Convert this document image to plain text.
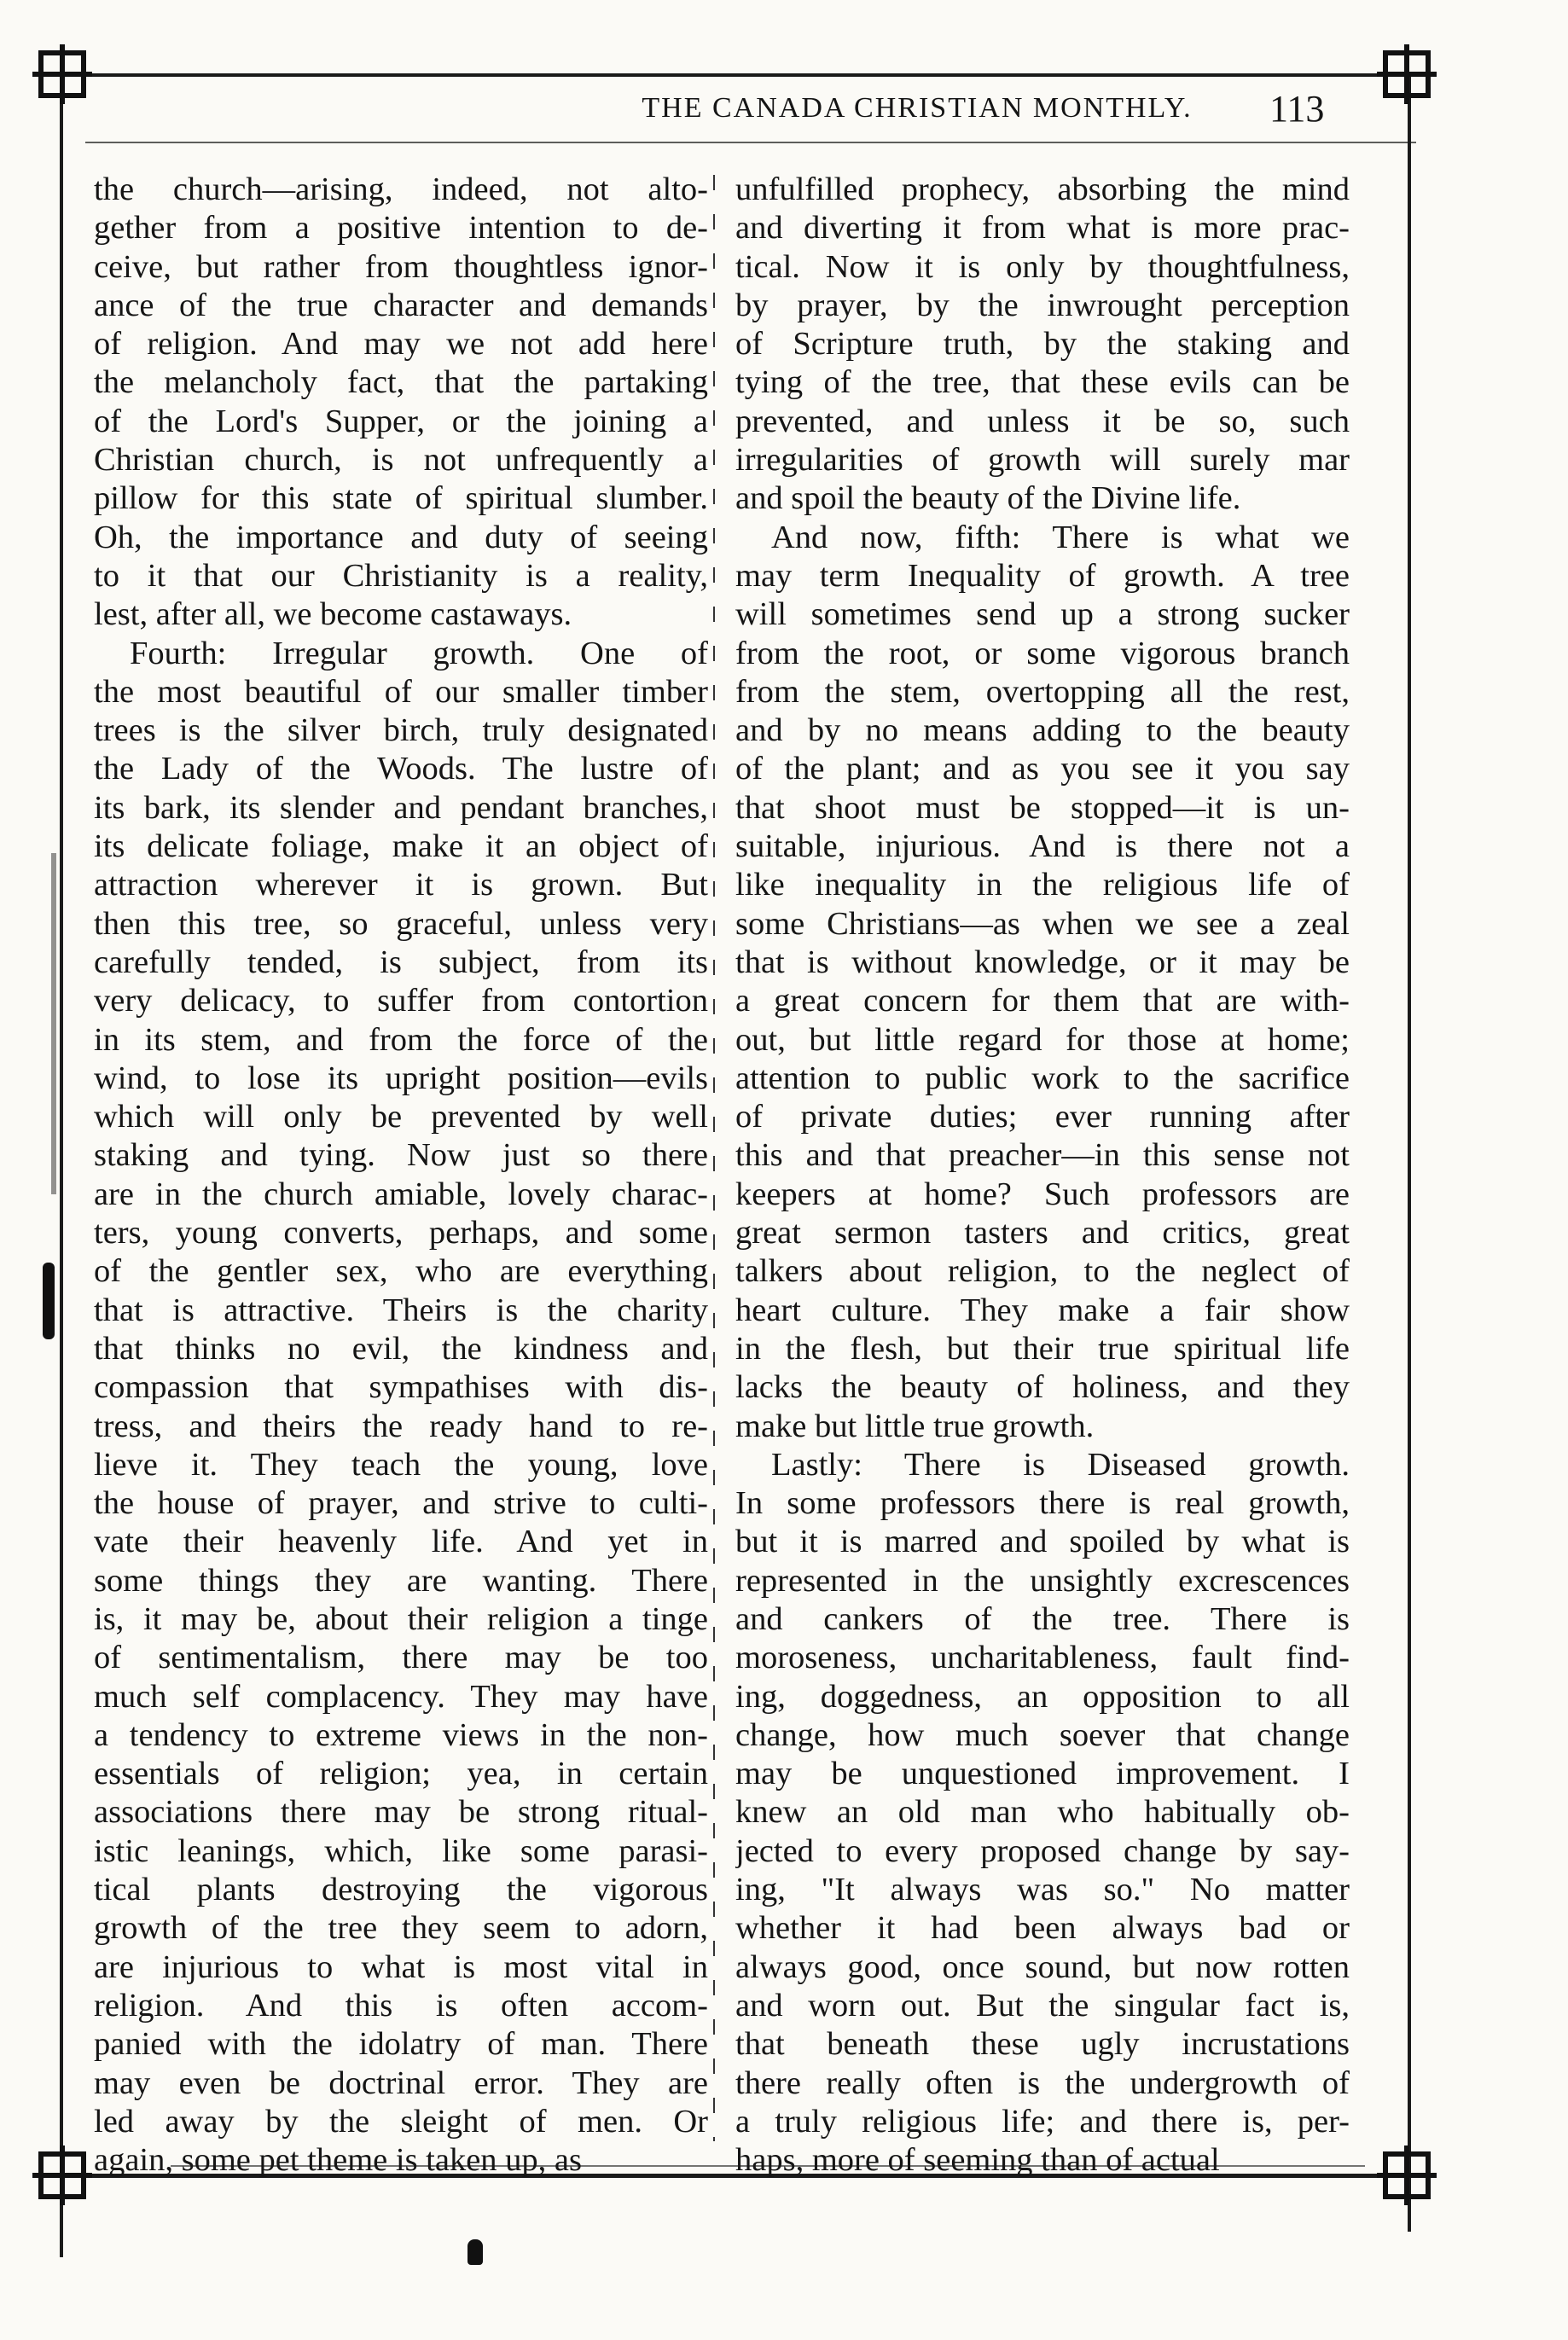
THE CANADA CHRISTIAN MONTHLY.	113
the church—arising, indeed, not alto-
gether from a positive intention to de-
ceive, but rather from thoughtless ignor-
ance of the true character and demands
of religion. And may we not add here
the melancholy fact, that the partaking
of the Lord's Supper, or the joining a
Christian church, is not unfrequently a
pillow for this state of spiritual slumber.
Oh, the importance and duty of seeing
to it that our Christianity is a reality,
lest, after all, we become castaways.
Fourth: Irregular growth. One of
the most beautiful of our smaller timber
trees is the silver birch, truly designated
the Lady of the Woods. The lustre of
its bark, its slender and pendant branches,
its delicate foliage, make it an object of
attraction wherever it is grown. But
then this tree, so graceful, unless very
carefully tended, is subject, from its
very delicacy, to suffer from contortion
in its stem, and from the force of the
wind, to lose its upright position—evils
which will only be prevented by well
staking and tying. Now just so there
are in the church amiable, lovely charac-
ters, young converts, perhaps, and some
of the gentler sex, who are everything
that is attractive. Theirs is the charity
that thinks no evil, the kindness and
compassion that sympathises with dis-
tress, and theirs the ready hand to re-
lieve it. They teach the young, love
the house of prayer, and strive to culti-
vate their heavenly life. And yet in
some things they are wanting. There
is, it may be, about their religion a tinge
of sentimentalism, there may be too
much self complacency. They may have
a tendency to extreme views in the non-
essentials of religion; yea, in certain
associations there may be strong ritual-
istic leanings, which, like some parasi-
tical plants destroying the vigorous
growth of the tree they seem to adorn,
are injurious to what is most vital in
religion. And this is often accom-
panied with the idolatry of man. There
may even be doctrinal error. They are
led away by the sleight of men. Or
again, some pet theme is taken up, as
unfulfilled prophecy, absorbing the mind
and diverting it from what is more prac-
tical. Now it is only by thoughtfulness,
by prayer, by the inwrought perception
of Scripture truth, by the staking and
tying of the tree, that these evils can be
prevented, and unless it be so, such
irregularities of growth will surely mar
and spoil the beauty of the Divine life.
And now, fifth: There is what we
may term Inequality of growth. A tree
will sometimes send up a strong sucker
from the root, or some vigorous branch
from the stem, overtopping all the rest,
and by no means adding to the beauty
of the plant; and as you see it you say
that shoot must be stopped—it is un-
suitable, injurious. And is there not a
like inequality in the religious life of
some Christians—as when we see a zeal
that is without knowledge, or it may be
a great concern for them that are with-
out, but little regard for those at home;
attention to public work to the sacrifice
of private duties; ever running after
this and that preacher—in this sense not
keepers at home? Such professors are
great sermon tasters and critics, great
talkers about religion, to the neglect of
heart culture. They make a fair show
in the flesh, but their true spiritual life
lacks the beauty of holiness, and they
make but little true growth.
Lastly: There is Diseased growth.
In some professors there is real growth,
but it is marred and spoiled by what is
represented in the unsightly excrescences
and cankers of the tree. There is
moroseness, uncharitableness, fault find-
ing, doggedness, an opposition to all
change, how much soever that change
may be unquestioned improvement. I
knew an old man who habitually ob-
jected to every proposed change by say-
ing, "It always was so." No matter
whether it had been always bad or
always good, once sound, but now rotten
and worn out. But the singular fact is,
that beneath these ugly incrustations
there really often is the undergrowth of
a truly religious life; and there is, per-
haps, more of seeming than of actual
